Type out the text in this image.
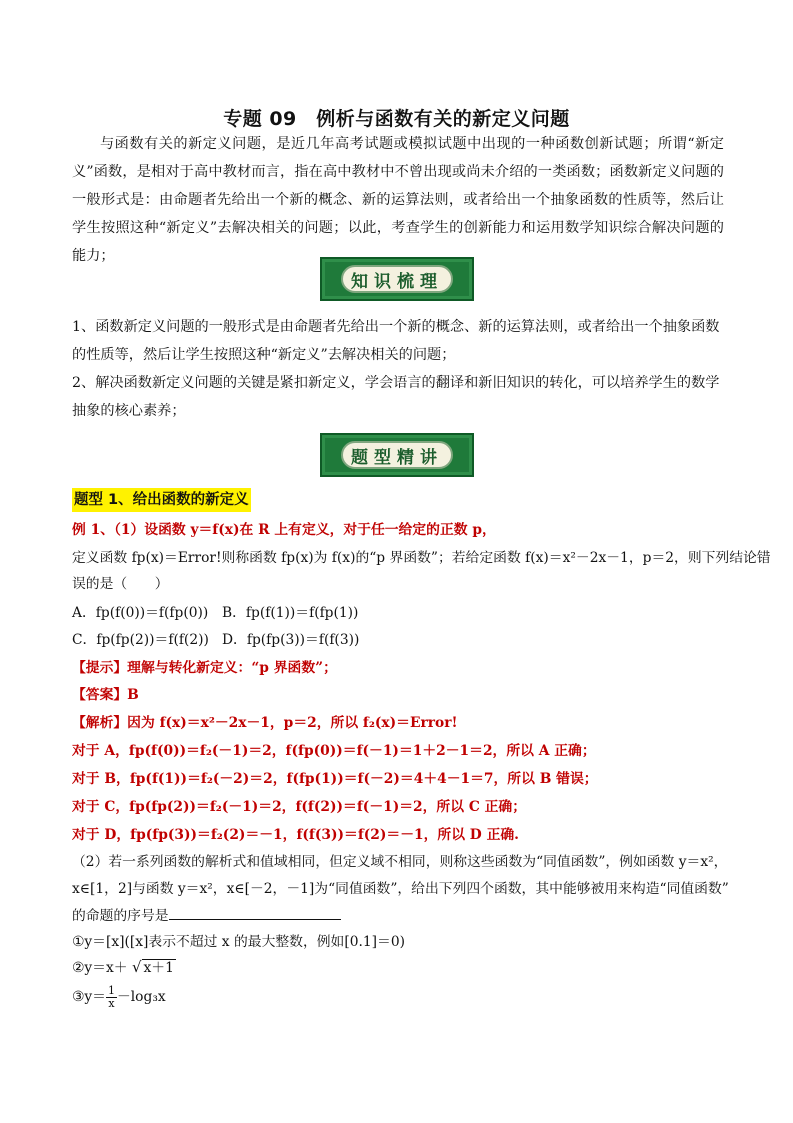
专题 09　例析与函数有关的新定义问题
与函数有关的新定义问题，是近几年高考试题或模拟试题中出现的一种函数创新试题；所谓“新定义”函数，是相对于高中教材而言，指在高中教材中不曾出现或尚未介绍的一类函数；函数新定义问题的一般形式是：由命题者先给出一个新的概念、新的运算法则，或者给出一个抽象函数的性质等，然后让学生按照这种“新定义”去解决相关的问题；以此，考查学生的创新能力和运用数学知识综合解决问题的能力；
知识梳理
1、函数新定义问题的一般形式是由命题者先给出一个新的概念、新的运算法则，或者给出一个抽象函数的性质等，然后让学生按照这种“新定义”去解决相关的问题；
2、解决函数新定义问题的关键是紧扣新定义，学会语言的翻译和新旧知识的转化，可以培养学生的数学抽象的核心素养；
题型精讲
题型 1、给出函数的新定义
例 1、（1）设函数 y＝f(x)在 R 上有定义，对于任一给定的正数 p，
定义函数 fp(x)＝Error!则称函数 fp(x)为 f(x)的“p 界函数”；若给定函数 f(x)＝x²－2x－1，p＝2，则下列结论错
误的是（　　）
A．fp(f(0))＝f(fp(0)) B．fp(f(1))＝f(fp(1))
C．fp(fp(2))＝f(f(2)) D．fp(fp(3))＝f(f(3))
【提示】理解与转化新定义：“p 界函数”；
【答案】B
【解析】因为 f(x)＝x²－2x－1，p＝2，所以 f₂(x)＝Error!
对于 A，fp(f(0))＝f₂(－1)＝2，f(fp(0))＝f(－1)＝1＋2－1＝2，所以 A 正确；
对于 B，fp(f(1))＝f₂(－2)＝2，f(fp(1))＝f(－2)＝4＋4－1＝7，所以 B 错误；
对于 C，fp(fp(2))＝f₂(－1)＝2，f(f(2))＝f(－1)＝2，所以 C 正确；
对于 D，fp(fp(3))＝f₂(2)＝－1，f(f(3))＝f(2)＝－1，所以 D 正确.
（2）若一系列函数的解析式和值域相同，但定义域不相同，则称这些函数为“同值函数”，例如函数 y＝x²，
x∈[1，2]与函数 y＝x²，x∈[－2，－1]为“同值函数”，给出下列四个函数，其中能够被用来构造“同值函数”
的命题的序号是
①y＝[x]([x]表示不超过 x 的最大整数，例如[0.1]＝0)
②y＝x＋ √ x＋1
③y＝ $\frac{1}{x}-\log_3x$
